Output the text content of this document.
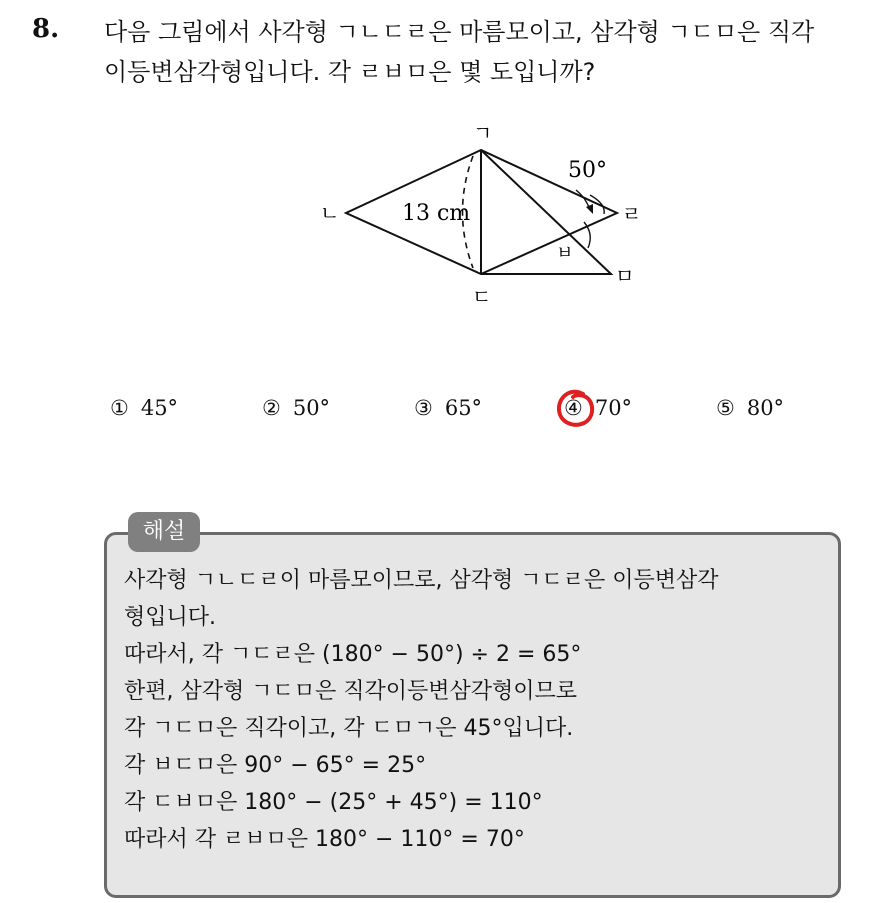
8. 다음 그림에서 사각형 ㄱㄴㄷㄹ은 마름모이고, 삼각형 ㄱㄷㅁ은 직각
이등변삼각형입니다. 각 ㄹㅂㅁ은 몇 도입니까?
ㄱ
ㄴ
ㄷ
ㄹ
ㅁ
ㅂ
13 cm
50°
① 45°	② 50°	③ 65°	④ 70°	⑤ 80°
해설
사각형 ㄱㄴㄷㄹ이 마름모이므로, 삼각형 ㄱㄷㄹ은 이등변삼각
형입니다.
따라서, 각 ㄱㄷㄹ은 (180° − 50°) ÷ 2 = 65°
한편, 삼각형 ㄱㄷㅁ은 직각이등변삼각형이므로
각 ㄱㄷㅁ은 직각이고, 각 ㄷㅁㄱ은 45°입니다.
각 ㅂㄷㅁ은 90° − 65° = 25°
각 ㄷㅂㅁ은 180° − (25° + 45°) = 110°
따라서 각 ㄹㅂㅁ은 180° − 110° = 70°
